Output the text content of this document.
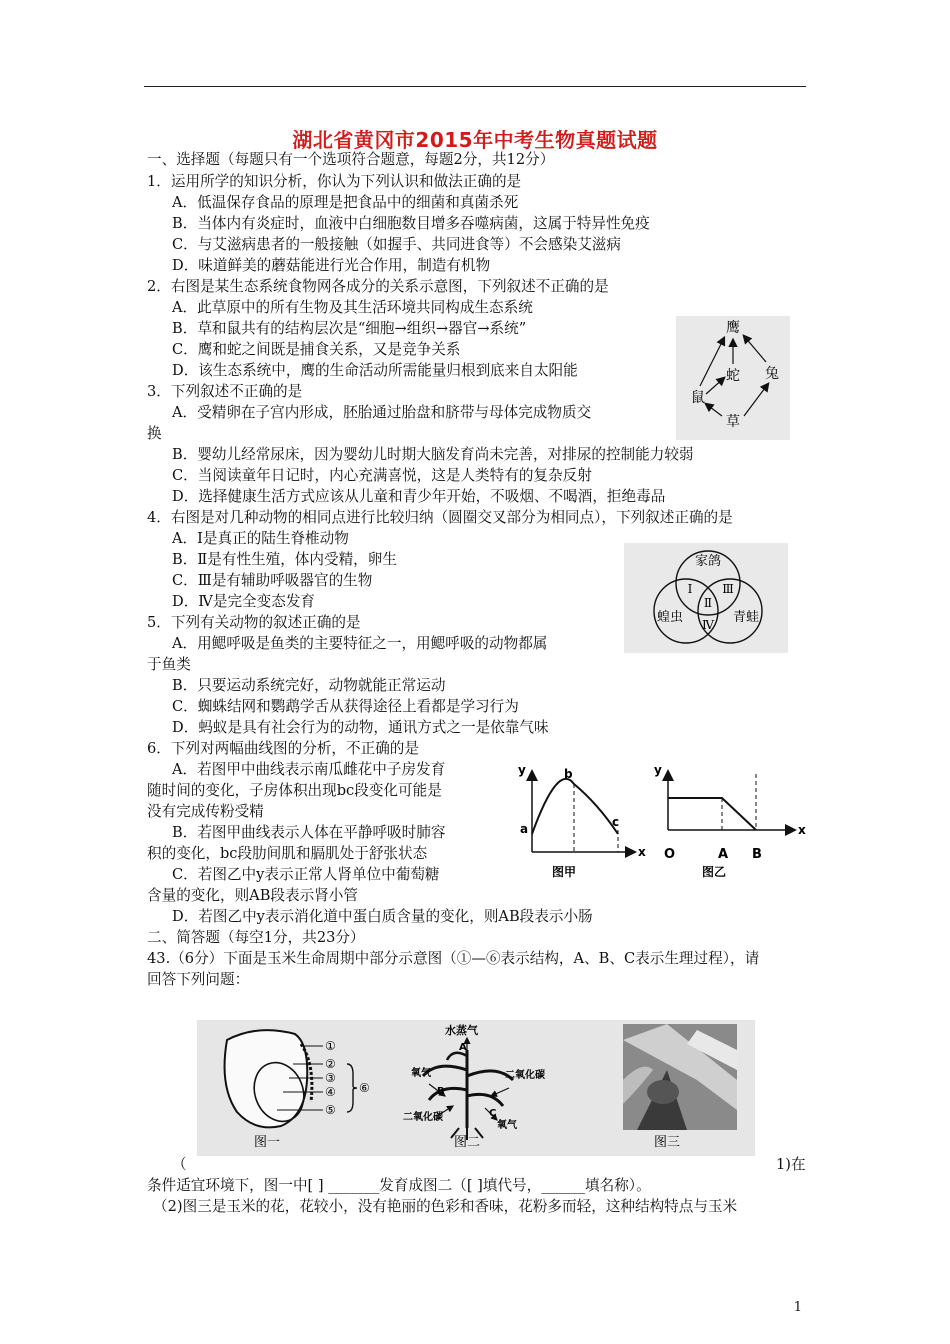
湖北省黄冈市2015年中考生物真题试题
一、选择题（每题只有一个选项符合题意，每题2分，共12分）
1．运用所学的知识分析，你认为下列认识和做法正确的是
A．低温保存食品的原理是把食品中的细菌和真菌杀死
B．当体内有炎症时，血液中白细胞数目增多吞噬病菌，这属于特异性免疫
C．与艾滋病患者的一般接触（如握手、共同进食等）不会感染艾滋病
D．味道鲜美的蘑菇能进行光合作用，制造有机物
2．右图是某生态系统食物网各成分的关系示意图，下列叙述不正确的是
A．此草原中的所有生物及其生活环境共同构成生态系统
B．草和鼠共有的结构层次是“细胞→组织→器官→系统”
C．鹰和蛇之间既是捕食关系，又是竞争关系
D．该生态系统中，鹰的生命活动所需能量归根到底来自太阳能
鹰
蛇 兔
鼠
草
3．下列叙述不正确的是
A．受精卵在子宫内形成，胚胎通过胎盘和脐带与母体完成物质交
换
B．婴幼儿经常尿床，因为婴幼儿时期大脑发育尚未完善，对排尿的控制能力较弱
C．当阅读童年日记时，内心充满喜悦，这是人类特有的复杂反射
D．选择健康生活方式应该从儿童和青少年开始，不吸烟、不喝酒，拒绝毒品
4．右图是对几种动物的相同点进行比较归纳（圆圈交叉部分为相同点），下列叙述正确的是
A．Ⅰ是真正的陆生脊椎动物
B．Ⅱ是有性生殖，体内受精，卵生
C．Ⅲ是有辅助呼吸器官的生物
D．Ⅳ是完全变态发育
家鸽
蝗虫	青蛙
Ⅰ
Ⅱ
Ⅲ
Ⅳ
5．下列有关动物的叙述正确的是
A．用鳃呼吸是鱼类的主要特征之一，用鳃呼吸的动物都属
于鱼类
B．只要运动系统完好，动物就能正常运动
C．蜘蛛结网和鹦鹉学舌从获得途径上看都是学习行为
D．蚂蚁是具有社会行为的动物，通讯方式之一是依靠气味
6．下列对两幅曲线图的分析，不正确的是
A．若图甲中曲线表示南瓜雌花中子房发育
随时间的变化，子房体积出现bc段变化可能是
没有完成传粉受精
B．若图甲曲线表示人体在平静呼吸时肺容
积的变化，bc段肋间肌和膈肌处于舒张状态
C．若图乙中y表示正常人肾单位中葡萄糖
含量的变化，则AB段表示肾小管
D．若图乙中y表示消化道中蛋白质含量的变化，则AB段表示小肠
y
x
a
b
c
图甲
y
x
O	A B
图乙
二、简答题（每空1分，共23分）
43.（6分）下面是玉米生命周期中部分示意图（①—⑥表示结构，A、B、C表示生理过程），请
回答下列问题：
①
②
③
④
⑤
⑥
图一
水蒸气
氧气	二氧化碳
二氧化碳
氧气
A
B
C
图二	图三
（	1)在
条件适宜环境下，图一中[ ] _______发育成图二（[ ]填代号，______填名称）。
（2)图三是玉米的花，花较小，没有艳丽的色彩和香味，花粉多而轻，这种结构特点与玉米
1
